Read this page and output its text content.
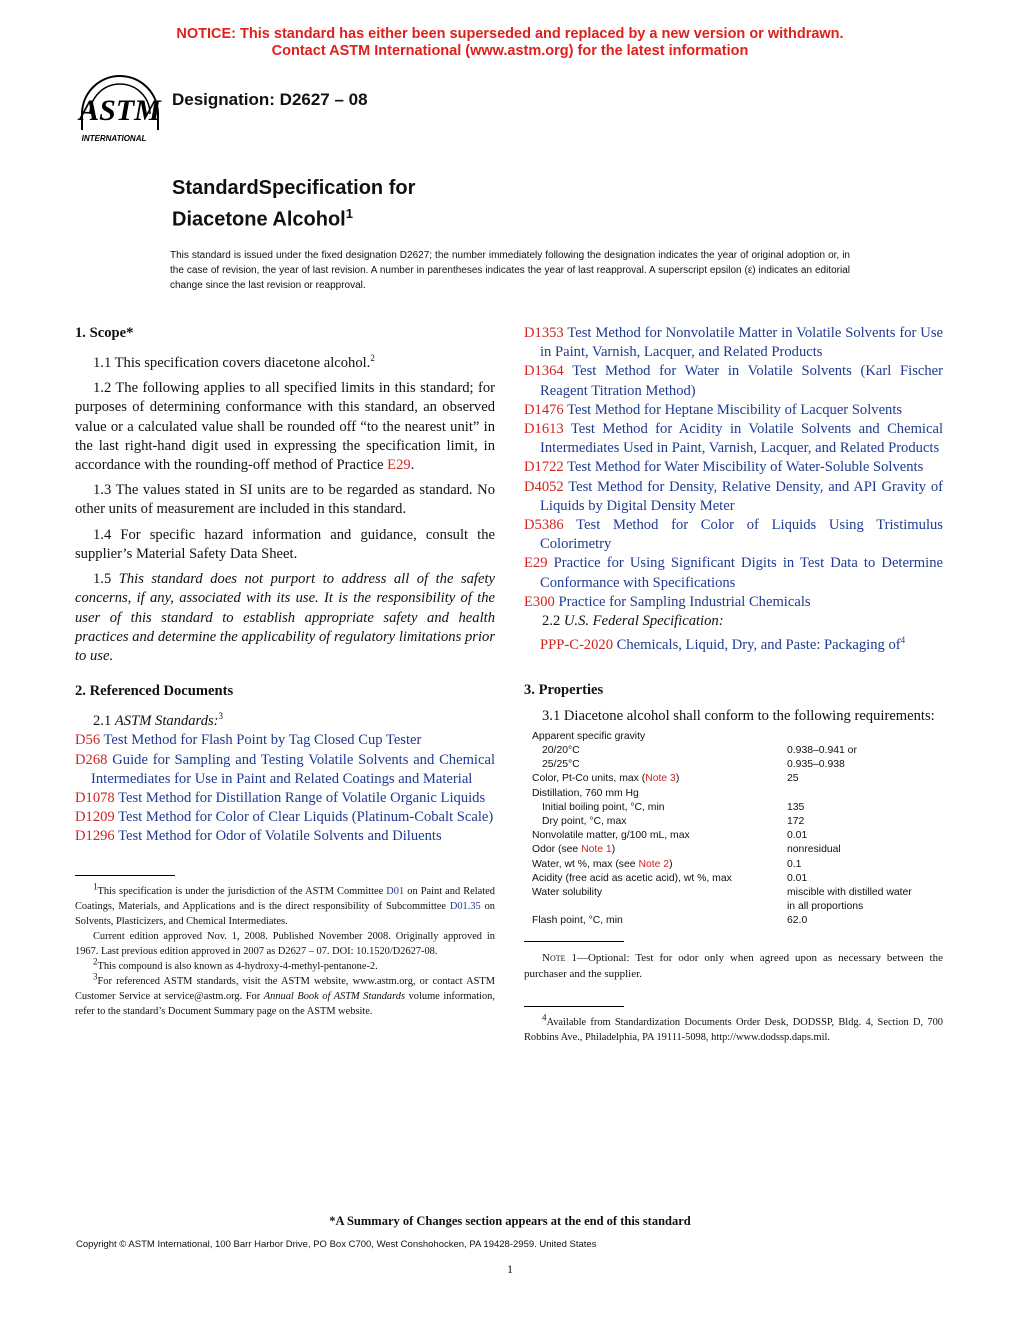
NOTICE: This standard has either been superseded and replaced by a new version or withdrawn.
Contact ASTM International (www.astm.org) for the latest information
ASTM
INTERNATIONAL
Designation: D2627 – 08
StandardSpecification for
Diacetone Alcohol$^1$
This standard is issued under the fixed designation D2627; the number immediately following the designation indicates the year of original adoption or, in the case of revision, the year of last revision. A number in parentheses indicates the year of last reapproval. A superscript epsilon (ε) indicates an editorial change since the last revision or reapproval.
1. Scope*

1.1 This specification covers diacetone alcohol.$^2$

1.2 The following applies to all specified limits in this standard; for purposes of determining conformance with this standard, an observed value or a calculated value shall be rounded off “to the nearest unit” in the last right-hand digit used in expressing the specification limit, in accordance with the rounding-off method of Practice E29.

1.3 The values stated in SI units are to be regarded as standard. No other units of measurement are included in this standard.

1.4 For specific hazard information and guidance, consult the supplier’s Material Safety Data Sheet.

1.5 This standard does not purport to address all of the safety concerns, if any, associated with its use. It is the responsibility of the user of this standard to establish appropriate safety and health practices and determine the applicability of regulatory limitations prior to use.

2. Referenced Documents

2.1 ASTM Standards:$^3$

D56 Test Method for Flash Point by Tag Closed Cup Tester

D268 Guide for Sampling and Testing Volatile Solvents and Chemical Intermediates for Use in Paint and Related Coatings and Material

D1078 Test Method for Distillation Range of Volatile Organic Liquids

D1209 Test Method for Color of Clear Liquids (Platinum-Cobalt Scale)

D1296 Test Method for Odor of Volatile Solvents and Diluents

1This specification is under the jurisdiction of the ASTM Committee D01 on Paint and Related Coatings, Materials, and Applications and is the direct responsibility of Subcommittee D01.35 on Solvents, Plasticizers, and Chemical Intermediates.

Current edition approved Nov. 1, 2008. Published November 2008. Originally approved in 1967. Last previous edition approved in 2007 as D2627 – 07. DOI: 10.1520/D2627-08.

2This compound is also known as 4-hydroxy-4-methyl-pentanone-2.

3For referenced ASTM standards, visit the ASTM website, www.astm.org, or contact ASTM Customer Service at service@astm.org. For Annual Book of ASTM Standards volume information, refer to the standard’s Document Summary page on the ASTM website.

D1353 Test Method for Nonvolatile Matter in Volatile Solvents for Use in Paint, Varnish, Lacquer, and Related Products

D1364 Test Method for Water in Volatile Solvents (Karl Fischer Reagent Titration Method)

D1476 Test Method for Heptane Miscibility of Lacquer Solvents

D1613 Test Method for Acidity in Volatile Solvents and Chemical Intermediates Used in Paint, Varnish, Lacquer, and Related Products

D1722 Test Method for Water Miscibility of Water-Soluble Solvents

D4052 Test Method for Density, Relative Density, and API Gravity of Liquids by Digital Density Meter

D5386 Test Method for Color of Liquids Using Tristimulus Colorimetry

E29 Practice for Using Significant Digits in Test Data to Determine Conformance with Specifications

E300 Practice for Sampling Industrial Chemicals

2.2 U.S. Federal Specification:

PPP-C-2020 Chemicals, Liquid, Dry, and Paste: Packaging $of^4$

3. Properties

3.1 Diacetone alcohol shall conform to the following requirements:

Apparent specific gravity	
20/20°C	0.938–0.941 or
25/25°C	0.935–0.938
Color, Pt-Co units, max (Note 3)	25
Distillation, 760 mm Hg	
Initial boiling point, °C, min	135
Dry point, °C, max	172
Nonvolatile matter, g/100 mL, max	0.01
Odor (see Note 1)	nonresidual
Water, wt %, max (see Note 2)	0.1
Acidity (free acid as acetic acid), wt %, max	0.01
Water solubility	miscible with distilled water
	in all proportions
Flash point, °C, min	62.0

Note 1—Optional: Test for odor only when agreed upon as necessary between the purchaser and the supplier.

4Available from Standardization Documents Order Desk, DODSSP, Bldg. 4, Section D, 700 Robbins Ave., Philadelphia, PA 19111-5098, http://www.dodssp.daps.mil.

*A Summary of Changes section appears at the end of this standard
Copyright © ASTM International, 100 Barr Harbor Drive, PO Box C700, West Conshohocken, PA 19428-2959. United States
1
